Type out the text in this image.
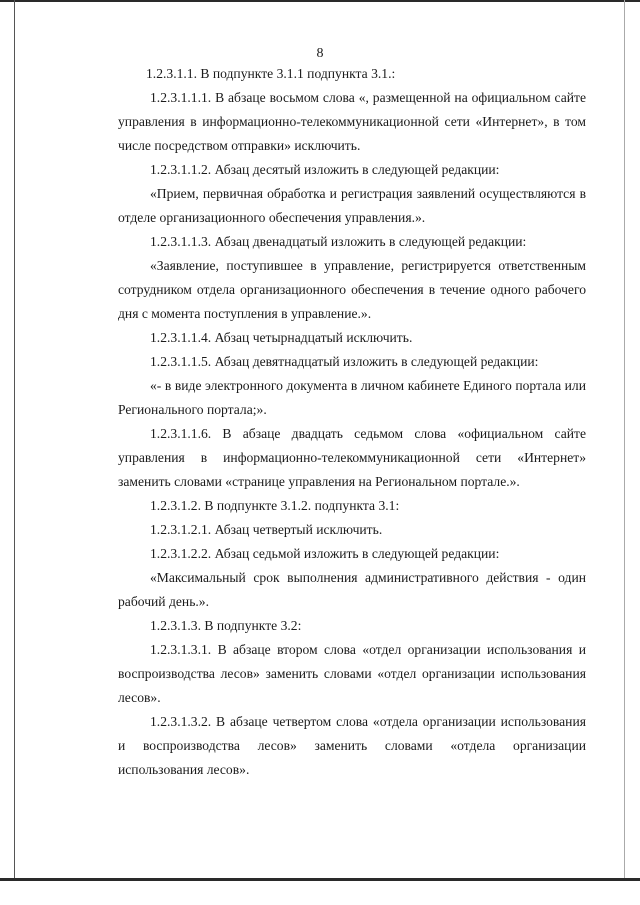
8

1.2.3.1.1. В подпункте 3.1.1 подпункта 3.1.:

1.2.3.1.1.1. В абзаце восьмом слова «, размещенной на официальном сайте управления в информационно-телекоммуникационной сети «Интернет», в том числе посредством отправки» исключить.

1.2.3.1.1.2. Абзац десятый изложить в следующей редакции:

«Прием, первичная обработка и регистрация заявлений осуществляются в отделе организационного обеспечения управления.».

1.2.3.1.1.3. Абзац двенадцатый изложить в следующей редакции:

«Заявление, поступившее в управление, регистрируется ответственным сотрудником отдела организационного обеспечения в течение одного рабочего дня с момента поступления в управление.».

1.2.3.1.1.4. Абзац четырнадцатый исключить.

1.2.3.1.1.5. Абзац девятнадцатый изложить в следующей редакции:

«- в виде электронного документа в личном кабинете Единого портала или Регионального портала;».

1.2.3.1.1.6. В абзаце двадцать седьмом слова «официальном сайте управления в информационно-телекоммуникационной сети «Интернет» заменить словами «странице управления на Региональном портале.».

1.2.3.1.2. В подпункте 3.1.2. подпункта 3.1:

1.2.3.1.2.1. Абзац четвертый исключить.

1.2.3.1.2.2. Абзац седьмой изложить в следующей редакции:

«Максимальный срок выполнения административного действия - один рабочий день.».

1.2.3.1.3. В подпункте 3.2:

1.2.3.1.3.1. В абзаце втором слова «отдел организации использования и воспроизводства лесов» заменить словами «отдел организации использования лесов».

1.2.3.1.3.2. В абзаце четвертом слова «отдела организации использования и воспроизводства лесов» заменить словами «отдела организации использования лесов».
